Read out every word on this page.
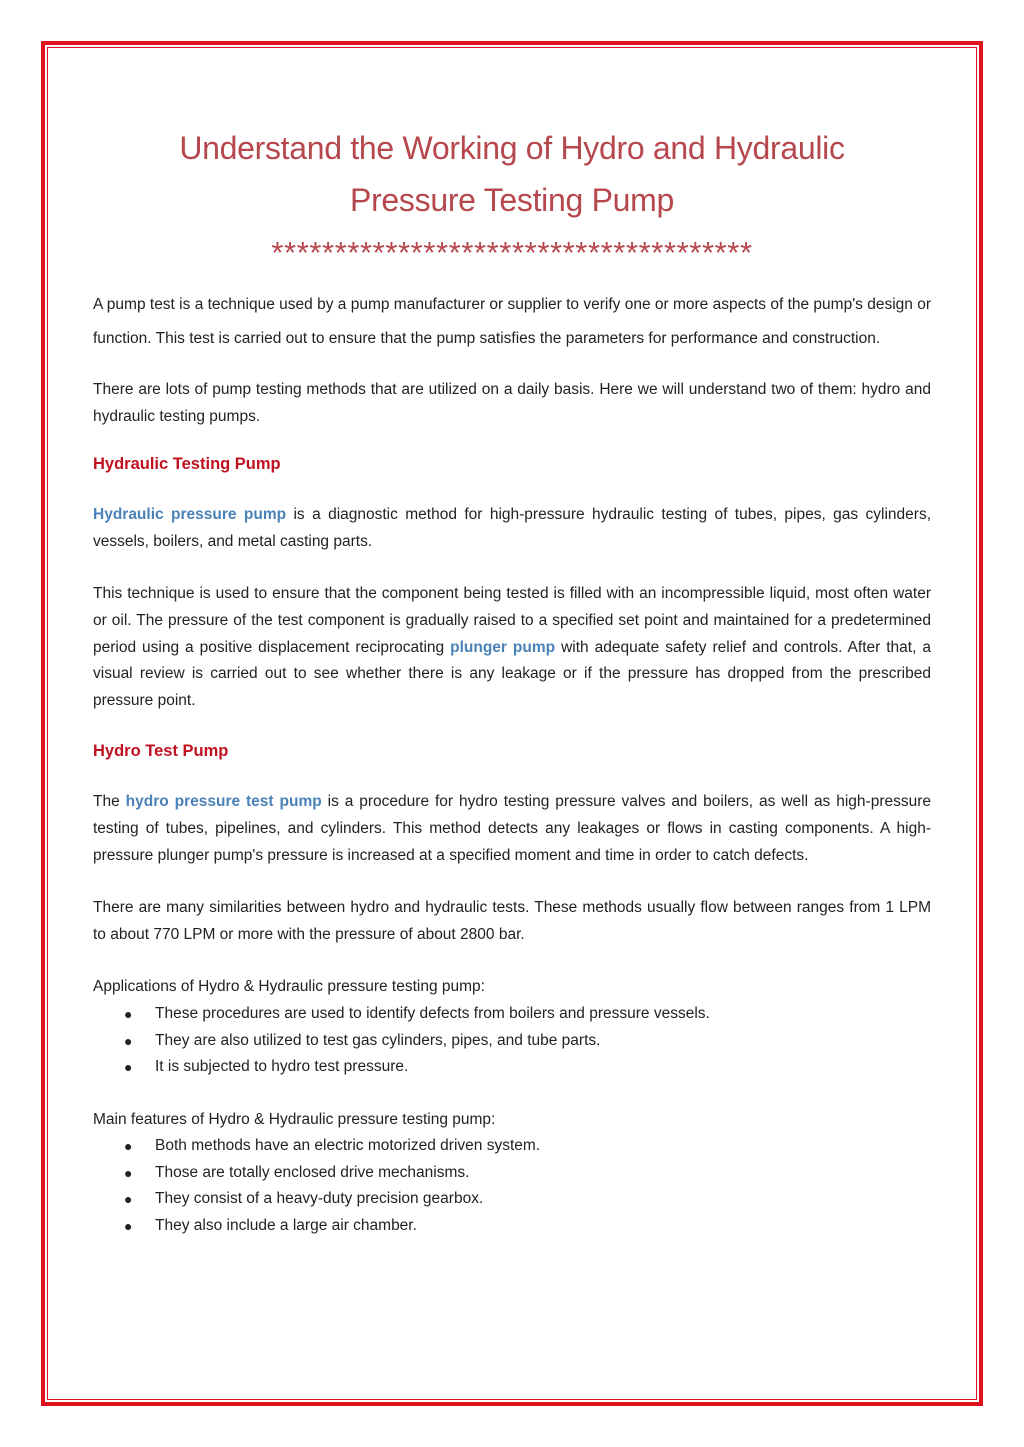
Understand the Working of Hydro and Hydraulic
Pressure Testing Pump
**************************************

A pump test is a technique used by a pump manufacturer or supplier to verify one or more aspects of the pump's design or function. This test is carried out to ensure that the pump satisfies the parameters for performance and construction.

There are lots of pump testing methods that are utilized on a daily basis. Here we will understand two of them: hydro and hydraulic testing pumps.

Hydraulic Testing Pump

Hydraulic pressure pump is a diagnostic method for high-pressure hydraulic testing of tubes, pipes, gas cylinders, vessels, boilers, and metal casting parts.

This technique is used to ensure that the component being tested is filled with an incompressible liquid, most often water or oil. The pressure of the test component is gradually raised to a specified set point and maintained for a predetermined period using a positive displacement reciprocating plunger pump with adequate safety relief and controls. After that, a visual review is carried out to see whether there is any leakage or if the pressure has dropped from the prescribed pressure point.

Hydro Test Pump

The hydro pressure test pump is a procedure for hydro testing pressure valves and boilers, as well as high-pressure testing of tubes, pipelines, and cylinders. This method detects any leakages or flows in casting components. A high-pressure plunger pump's pressure is increased at a specified moment and time in order to catch defects.

There are many similarities between hydro and hydraulic tests. These methods usually flow between ranges from 1 LPM to about 770 LPM or more with the pressure of about 2800 bar.

Applications of Hydro & Hydraulic pressure testing pump:

● These procedures are used to identify defects from boilers and pressure vessels.
● They are also utilized to test gas cylinders, pipes, and tube parts.
● It is subjected to hydro test pressure.

Main features of Hydro & Hydraulic pressure testing pump:

● Both methods have an electric motorized driven system.
● Those are totally enclosed drive mechanisms.
● They consist of a heavy-duty precision gearbox.
● They also include a large air chamber.
